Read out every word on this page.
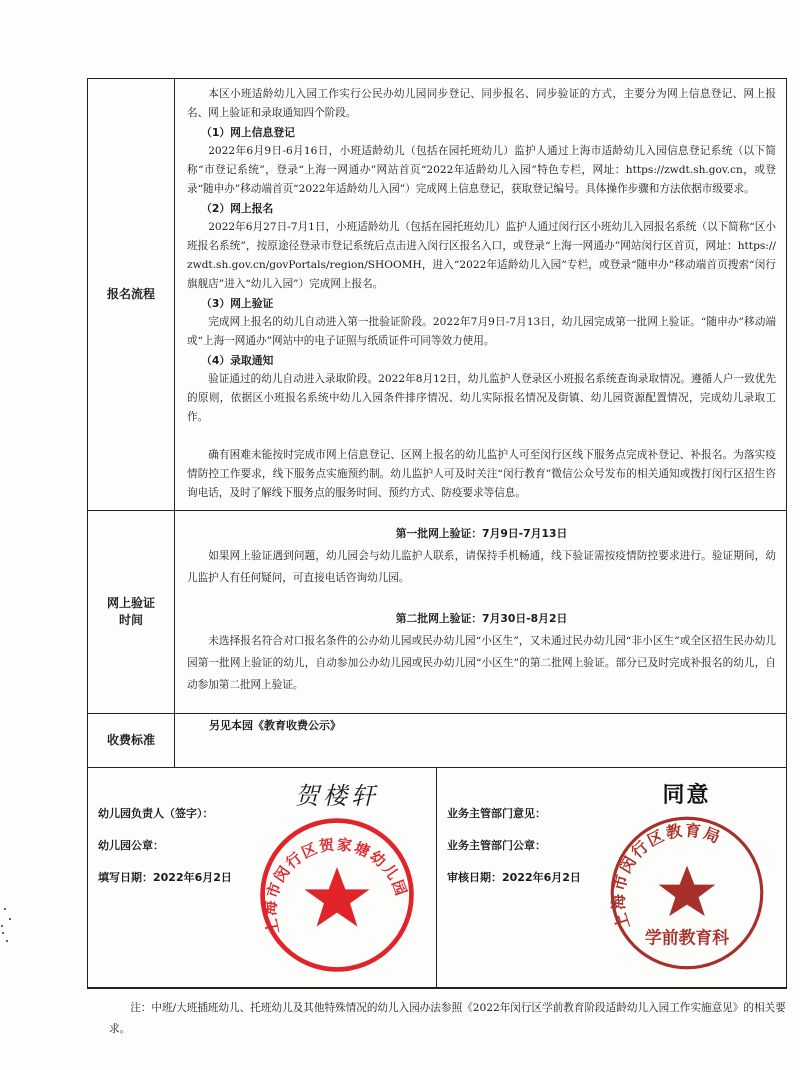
报名流程

本区小班适龄幼儿入园工作实行公民办幼儿园同步登记、同步报名、同步验证的方式，主要分为网上信息登记、网上报名、网上验证和录取通知四个阶段。

（1）网上信息登记

2022年6月9日-6月16日，小班适龄幼儿（包括在园托班幼儿）监护人通过上海市适龄幼儿入园信息登记系统（以下简称“市登记系统”，登录“上海一网通办”网站首页“2022年适龄幼儿入园”特色专栏，网址：https://zwdt.sh.gov.cn，或登录“随申办”移动端首页“2022年适龄幼儿入园”）完成网上信息登记，获取登记编号。具体操作步骤和方法依据市级要求。

（2）网上报名

2022年6月27日-7月1日，小班适龄幼儿（包括在园托班幼儿）监护人通过闵行区小班幼儿入园报名系统（以下简称“区小班报名系统”，按原途径登录市登记系统后点击进入闵行区报名入口，或登录“上海一网通办”网站闵行区首页，网址：https://zwdt.sh.gov.cn/govPortals/region/SHOOMH，进入“2022年适龄幼儿入园”专栏，或登录“随申办”移动端首页搜索“闵行旗舰店”进入“幼儿入园”）完成网上报名。

（3）网上验证

完成网上报名的幼儿自动进入第一批验证阶段。2022年7月9日-7月13日，幼儿园完成第一批网上验证。“随申办”移动端或“上海一网通办”网站中的电子证照与纸质证件可同等效力使用。

（4）录取通知

验证通过的幼儿自动进入录取阶段。2022年8月12日，幼儿监护人登录区小班报名系统查询录取情况。遵循人户一致优先的原则，依据区小班报名系统中幼儿入园条件排序情况、幼儿实际报名情况及街镇、幼儿园资源配置情况，完成幼儿录取工作。

确有困难未能按时完成市网上信息登记、区网上报名的幼儿监护人可至闵行区线下服务点完成补登记、补报名。为落实疫情防控工作要求，线下服务点实施预约制。幼儿监护人可及时关注“闵行教育”微信公众号发布的相关通知或拨打闵行区招生咨询电话，及时了解线下服务点的服务时间、预约方式、防疫要求等信息。

网上验证
时间

第一批网上验证：7月9日-7月13日

如果网上验证遇到问题，幼儿园会与幼儿监护人联系，请保持手机畅通，线下验证需按疫情防控要求进行。验证期间，幼儿监护人有任何疑问，可直接电话咨询幼儿园。

第二批网上验证：7月30日-8月2日

未选择报名符合对口报名条件的公办幼儿园或民办幼儿园“小区生”，又未通过民办幼儿园“非小区生”或全区招生民办幼儿园第一批网上验证的幼儿，自动参加公办幼儿园或民办幼儿园“小区生”的第二批网上验证。部分已及时完成补报名的幼儿，自动参加第二批网上验证。

收费标准

另见本园《教育收费公示》

幼儿园负责人（签字）：
幼儿园公章：
填写日期：2022年6月2日
贺楼轩
上海市闵行区贺家塘幼儿园
业务主管部门意见：
业务主管部门公章：
审核日期：2022年6月2日
同意
上海市闵行区教育局
学前教育科

注：中班/大班插班幼儿、托班幼儿及其他特殊情况的幼儿入园办法参照《2022年闵行区学前教育阶段适龄幼儿入园工作实施意见》的相关要求。
